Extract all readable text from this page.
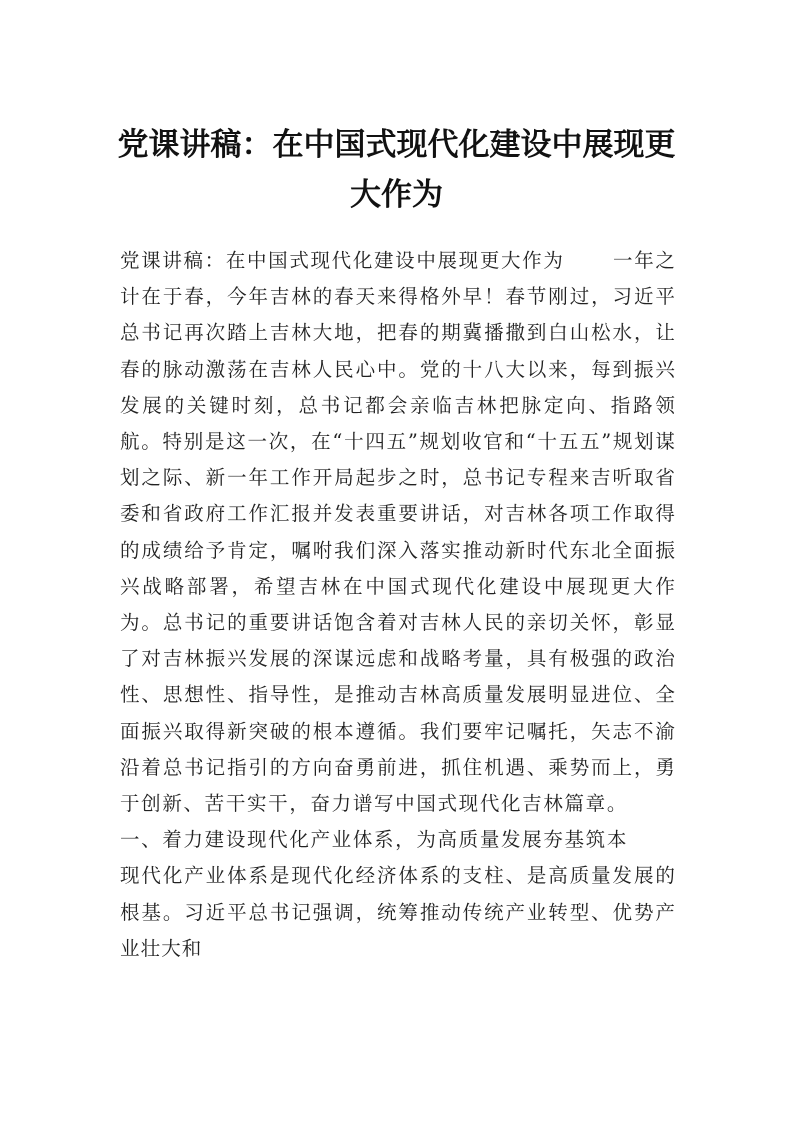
党课讲稿：在中国式现代化建设中展现更大作为

党课讲稿：在中国式现代化建设中展现更大作为 一年之计在于春，今年吉林的春天来得格外早！春节刚过，习近平总书记再次踏上吉林大地，把春的期冀播撒到白山松水，让春的脉动激荡在吉林人民心中。党的十八大以来，每到振兴发展的关键时刻，总书记都会亲临吉林把脉定向、指路领航。特别是这一次，在“十四五”规划收官和“十五五”规划谋划之际、新一年工作开局起步之时，总书记专程来吉听取省委和省政府工作汇报并发表重要讲话，对吉林各项工作取得的成绩给予肯定，嘱咐我们深入落实推动新时代东北全面振兴战略部署，希望吉林在中国式现代化建设中展现更大作为。总书记的重要讲话饱含着对吉林人民的亲切关怀，彰显了对吉林振兴发展的深谋远虑和战略考量，具有极强的政治性、思想性、指导性，是推动吉林高质量发展明显进位、全面振兴取得新突破的根本遵循。我们要牢记嘱托，矢志不渝沿着总书记指引的方向奋勇前进，抓住机遇、乘势而上，勇于创新、苦干实干，奋力谱写中国式现代化吉林篇章。一、着力建设现代化产业体系，为高质量发展夯基筑本现代化产业体系是现代化经济体系的支柱、是高质量发展的根基。习近平总书记强调，统筹推动传统产业转型、优势产业壮大和
